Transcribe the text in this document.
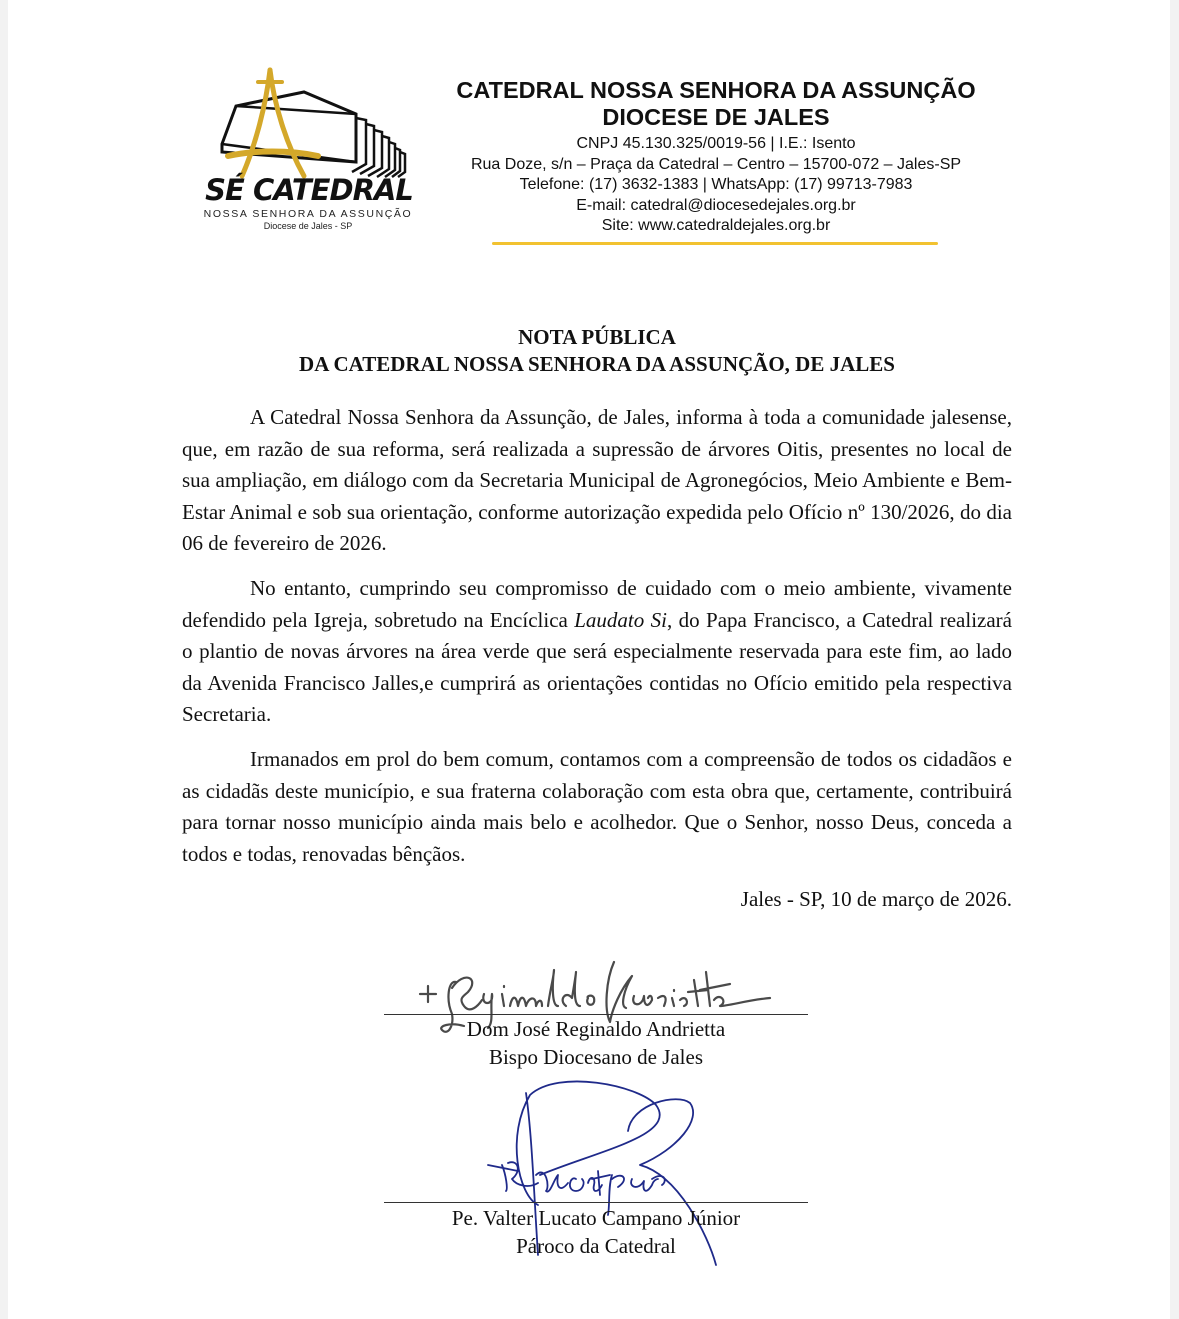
SÉ CATEDRAL
NOSSA SENHORA DA ASSUNÇÃO
Diocese de Jales - SP
CATEDRAL NOSSA SENHORA DA ASSUNÇÃO
DIOCESE DE JALES
CNPJ 45.130.325/0019-56 | I.E.: Isento
Rua Doze, s/n – Praça da Catedral – Centro – 15700-072 – Jales-SP
Telefone: (17) 3632-1383 | WhatsApp: (17) 99713-7983
E-mail: catedral@diocesedejales.org.br
Site: www.catedraldejales.org.br
NOTA PÚBLICA
DA CATEDRAL NOSSA SENHORA DA ASSUNÇÃO, DE JALES

A Catedral Nossa Senhora da Assunção, de Jales, informa à toda a comunidade jalesense, que, em razão de sua reforma, será realizada a supressão de árvores Oitis, presentes no local de sua ampliação, em diálogo com da Secretaria Municipal de Agronegócios, Meio Ambiente e Bem-Estar Animal e sob sua orientação, conforme autorização expedida pelo Ofício nº 130/2026, do dia 06 de fevereiro de 2026.

No entanto, cumprindo seu compromisso de cuidado com o meio ambiente, vivamente defendido pela Igreja, sobretudo na Encíclica Laudato Si, do Papa Francisco, a Catedral realizará o plantio de novas árvores na área verde que será especialmente reservada para este fim, ao lado da Avenida Francisco Jalles,e cumprirá as orientações contidas no Ofício emitido pela respectiva Secretaria.

Irmanados em prol do bem comum, contamos com a compreensão de todos os cidadãos e as cidadãs deste município, e sua fraterna colaboração com esta obra que, certamente, contribuirá para tornar nosso município ainda mais belo e acolhedor. Que o Senhor, nosso Deus, conceda a todos e todas, renovadas bênçãos.

Jales - SP, 10 de março de 2026.
Dom José Reginaldo Andrietta
Bispo Diocesano de Jales
Pe. Valter Lucato Campano Júnior
Pároco da Catedral
